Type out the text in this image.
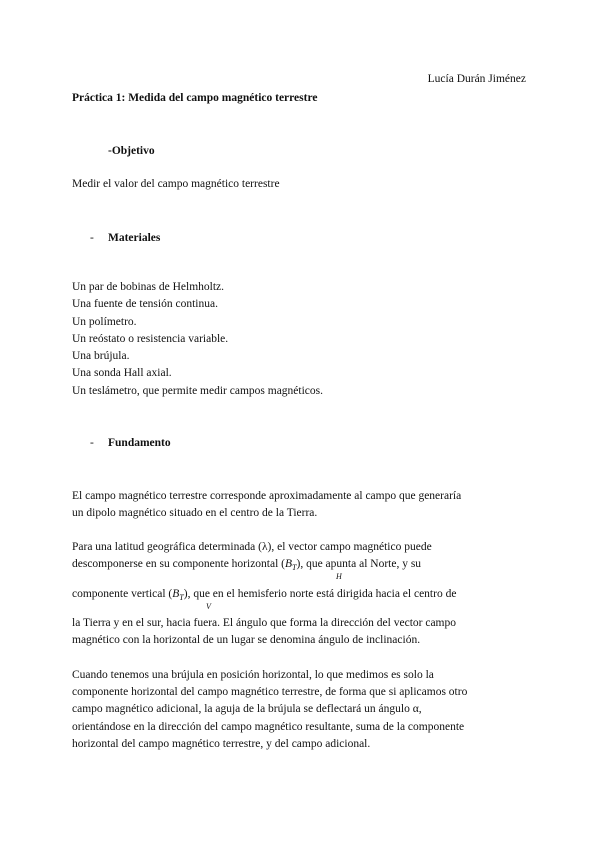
Lucía Durán Jiménez
Práctica 1: Medida del campo magnético terrestre
-Objetivo
Medir el valor del campo magnético terrestre
- Materiales
Un par de bobinas de Helmholtz.
Una fuente de tensión continua.
Un polímetro.
Un reóstato o resistencia variable.
Una brújula.
Una sonda Hall axial.
Un teslámetro, que permite medir campos magnéticos.
- Fundamento
El campo magnético terrestre corresponde aproximadamente al campo que generaría
un dipolo magnético situado en el centro de la Tierra.
Para una latitud geográfica determinada (λ), el vector campo magnético puede
descomponerse en su componente horizontal $(B_T)$, que apunta al Norte, y su
H
componente vertical $(B_T)$, que en el hemisferio norte está dirigida hacia el centro de
V
la Tierra y en el sur, hacia fuera. El ángulo que forma la dirección del vector campo
magnético con la horizontal de un lugar se denomina ángulo de inclinación.
Cuando tenemos una brújula en posición horizontal, lo que medimos es solo la
componente horizontal del campo magnético terrestre, de forma que si aplicamos otro
campo magnético adicional, la aguja de la brújula se deflectará un ángulo α,
orientándose en la dirección del campo magnético resultante, suma de la componente
horizontal del campo magnético terrestre, y del campo adicional.
